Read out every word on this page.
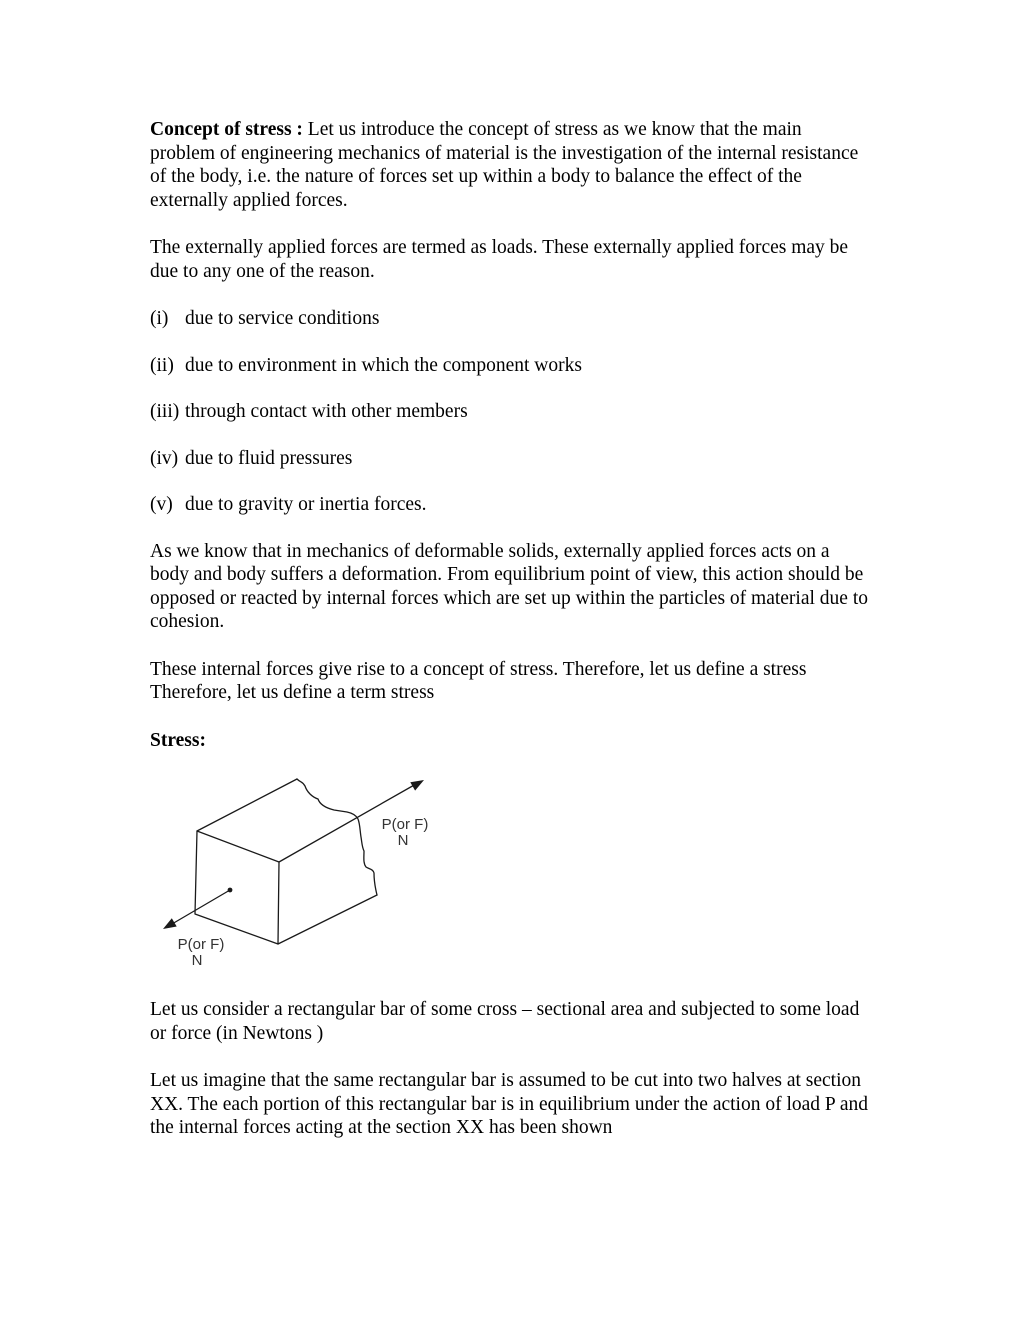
Concept of stress : Let us introduce the concept of stress as we know that the main problem of engineering mechanics of material is the investigation of the internal resistance of the body, i.e. the nature of forces set up within a body to balance the effect of the externally applied forces.

The externally applied forces are termed as loads. These externally applied forces may be due to any one of the reason.

(i) due to service conditions
(ii) due to environment in which the component works
(iii) through contact with other members
(iv) due to fluid pressures
(v) due to gravity or inertia forces.

As we know that in mechanics of deformable solids, externally applied forces acts on a body and body suffers a deformation. From equilibrium point of view, this action should be opposed or reacted by internal forces which are set up within the particles of material due to cohesion.

These internal forces give rise to a concept of stress. Therefore, let us define a stress Therefore, let us define a term stress

Stress:
P(or F)
N
P(or F)
N

Let us consider a rectangular bar of some cross – sectional area and subjected to some load or force (in Newtons )

Let us imagine that the same rectangular bar is assumed to be cut into two halves at section XX. The each portion of this rectangular bar is in equilibrium under the action of load P and the internal forces acting at the section XX has been shown
